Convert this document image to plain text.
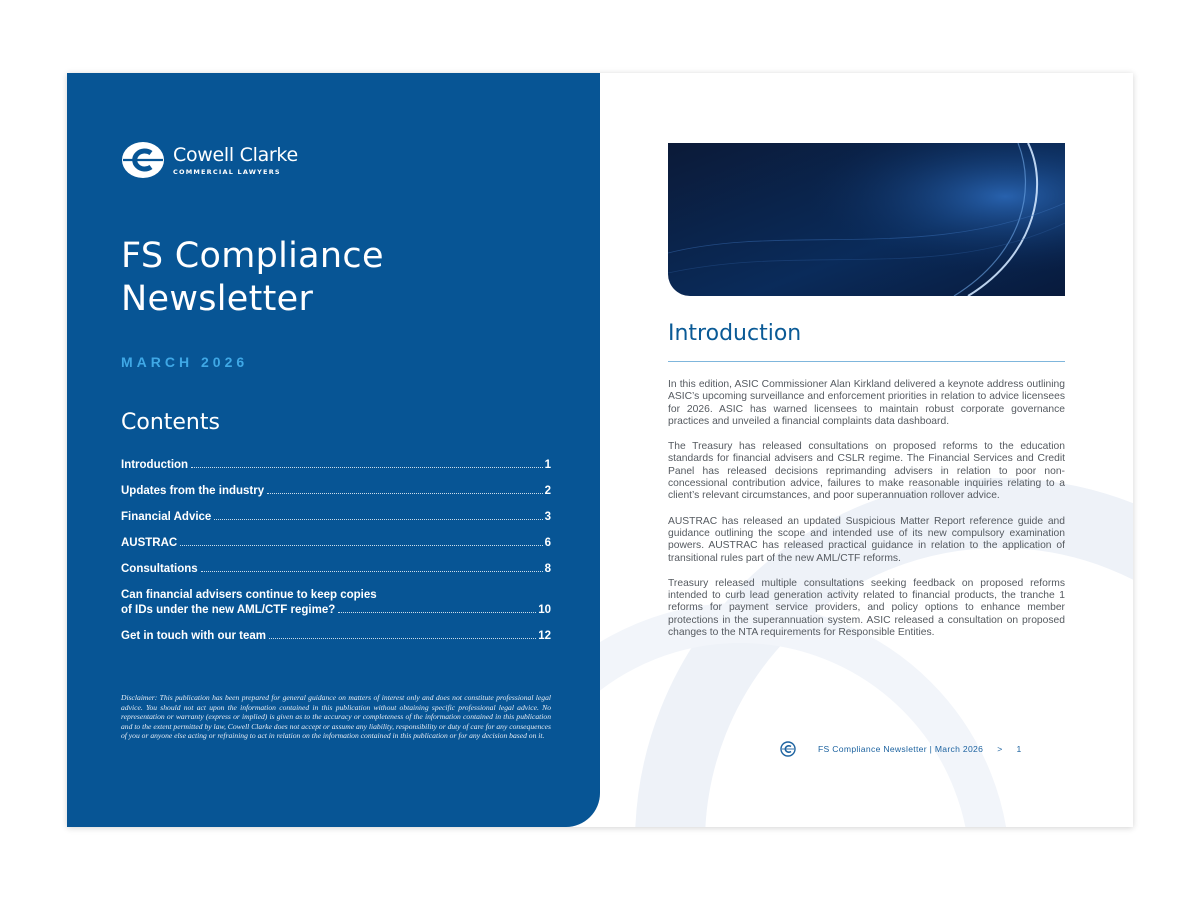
Cowell Clarke
COMMERCIAL LAWYERS
FS Compliance
Newsletter
MARCH 2026
Contents
Introduction	1
Updates from the industry	2
Financial Advice	3
AUSTRAC	6
Consultations	8
Can financial advisers continue to keep copies
of IDs under the new AML/CTF regime?	10
Get in touch with our team	12
Disclaimer: This publication has been prepared for general guidance on matters of interest only and does not constitute professional legal advice. You should not act upon the information contained in this publication without obtaining specific professional legal advice. No representation or warranty (express or implied) is given as to the accuracy or completeness of the information contained in this publication and to the extent permitted by law, Cowell Clarke does not accept or assume any liability, responsibility or duty of care for any consequences of you or anyone else acting or refraining to act in relation on the information contained in this publication or for any decision based on it.
Introduction

In this edition, ASIC Commissioner Alan Kirkland delivered a keynote address outlining ASIC’s upcoming surveillance and enforcement priorities in relation to advice licensees for 2026. ASIC has warned licensees to maintain robust corporate governance practices and unveiled a financial complaints data dashboard.

The Treasury has released consultations on proposed reforms to the education standards for financial advisers and CSLR regime. The Financial Services and Credit Panel has released decisions reprimanding advisers in relation to poor non-concessional contribution advice, failures to make reasonable inquiries relating to a client’s relevant circumstances, and poor superannuation rollover advice.

AUSTRAC has released an updated Suspicious Matter Report reference guide and guidance outlining the scope and intended use of its new compulsory examination powers. AUSTRAC has released practical guidance in relation to the application of transitional rules part of the new AML/CTF reforms.

Treasury released multiple consultations seeking feedback on proposed reforms intended to curb lead generation activity related to financial products, the tranche 1 reforms for payment service providers, and policy options to enhance member protections in the superannuation system. ASIC released a consultation on proposed changes to the NTA requirements for Responsible Entities.

FS Compliance Newsletter | March 2026 > 1
